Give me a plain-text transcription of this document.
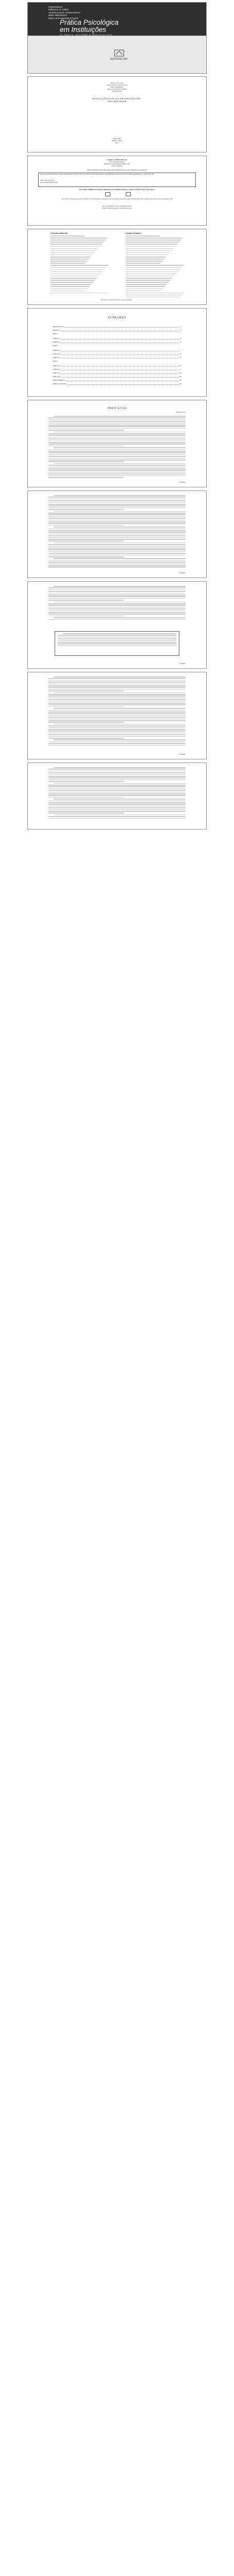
Organizadores
Barbara E. B. Cabral
Carmen Lúcia B. Teixeira Borrero
Maria Júlia Bezerra
Mario Louis Sandoval Schnaidt
Prática Psicológica
em Instituições
EDITORA CRV
Barbara E. B. Cabral
Carmen Lúcia B. Teixeira Borrero
Maria Júlia Bezerra
Mario Louis Sandoval Schnaidt
(Organizadores)
PRÁTICA PSICOLÓGICA EM INSTITUIÇÕES:
clínica, saúde e educação
Editora CRV
Curitiba – Brasil
2017
Copyright © da Editora CRV Ltda.
Editor-chefe: Railson Moura
Diagramação e Capa: Designers da Editora CRV
Revisão: Os Autores
DADOS INTERNACIONAIS DE CATALOGAÇÃO NA PUBLICAÇÃO (CIP) CATALOGAÇÃO NA FONTE
Prática psicológica em instituições: clínica, saúde e educação / Barbara E. B. Cabral, Carmen Lúcia B. Teixeira Borrero, Maria Júlia Bezerra, Mario Louis Sandoval Schnaidt (organizadores) – Curitiba: CRV, 2017.
ISBN 978-85-444-1726-4
DOI 10.24824/978854441726.4
ESTA OBRA TAMBÉM ENCONTRA-SE DISPONÍVEL EM FORMATO DIGITAL. CONHEÇA E BAIXE NOSSO APLICATIVO!
2017 Foi feito o depósito legal conf. Lei 10.994 de 14/12/2004. Proibida a reprodução parcial ou total desta obra sem autorização da Editora CRV. Todos os direitos desta edição reservados pela: Editora CRV
Tel.: (41) 3039-6418 – E-mail: sac@editoracrv.com.br
Conheça os nossos lançamentos: www.editoracrv.com.br
Conselho Editorial:	Comitê Científico:
Este livro foi avaliado e aprovado por pareceristas ad hoc.
SUMÁRIO
APRESENTAÇÃO	11
PREFÁCIO	13
PARTE 1
CAPÍTULO 1	19
CAPÍTULO 2	35
PARTE 2
CAPÍTULO 3	51
CAPÍTULO 4	67
CAPÍTULO 5	83
PARTE 3
CAPÍTULO 6	101
CAPÍTULO 7	117
CAPÍTULO 8	133
CAPÍTULO 9	149
ÍNDICE REMISSIVO	165
SOBRE OS AUTORES	169
PREFÁCIO
Marcio de Castro
SUMÁRIO
SUMÁRIO
SUMÁRIO
SUMÁRIO
